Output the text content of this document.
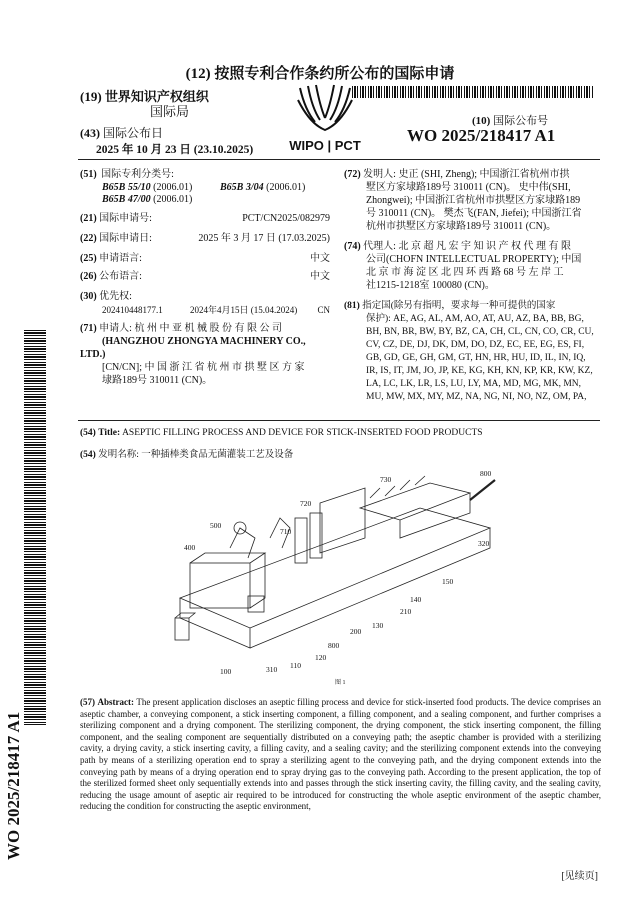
(12) 按照专利合作条约所公布的国际申请
(19) 世界知识产权组织
国际局
(43) 国际公布日
2025 年 10 月 23 日 (23.10.2025)	WIPO | PCT
(10) 国际公布号
WO 2025/218417 A1
(51) 国际专利分类号:
B65B 55/10 (2006.01)	B65B 3/04 (2006.01)
B65B 47/00 (2006.01)
(21) 国际申请号:	PCT/CN2025/082979
(22) 国际申请日:	2025 年 3 月 17 日 (17.03.2025)
(25) 申请语言:	中文
(26) 公布语言:	中文
(30) 优先权:
202410448177.1	2024年4月15日 (15.04.2024) CN
(71) 申请人: 杭 州 中 亚 机 械 股 份 有 限 公 司
(HANGZHOU ZHONGYA MACHINERY CO., LTD.)
[CN/CN]; 中 国 浙 江 省 杭 州 市 拱 墅 区 方 家
埭路189号 310011 (CN)。
(72) 发明人: 史正 (SHI, Zheng); 中国浙江省杭州市拱
墅区方家埭路189号 310011 (CN)。 史中伟(SHI,
Zhongwei); 中国浙江省杭州市拱墅区方家埭路189
号 310011 (CN)。 樊杰飞(FAN, Jiefei); 中国浙江省
杭州市拱墅区方家埭路189号 310011 (CN)。
(74) 代理人: 北 京 超 凡 宏 宇 知 识 产 权 代 理 有 限
公司(CHOFN INTELLECTUAL PROPERTY); 中国
北 京 市 海 淀 区 北 四 环 西 路 68 号 左 岸 工
社1215-1218室 100080 (CN)。
(81) 指定国(除另有指明，要求每一种可提供的国家
保护): AE, AG, AL, AM, AO, AT, AU, AZ, BA, BB, BG,
BH, BN, BR, BW, BY, BZ, CA, CH, CL, CN, CO, CR, CU,
CV, CZ, DE, DJ, DK, DM, DO, DZ, EC, EE, EG, ES, FI,
GB, GD, GE, GH, GM, GT, HN, HR, HU, ID, IL, IN, IQ,
IR, IS, IT, JM, JO, JP, KE, KG, KH, KN, KP, KR, KW, KZ,
LA, LC, LK, LR, LS, LU, LY, MA, MD, MG, MK, MN,
MU, MW, MX, MY, MZ, NA, NG, NI, NO, NZ, OM, PA,
(54) Title: ASEPTIC FILLING PROCESS AND DEVICE FOR STICK-INSERTED FOOD PRODUCTS
(54) 发明名称: 一种插棒类食品无菌灌装工艺及设备
WO 2025/218417 A1
800
730
720
710
500
400	320
150
140
210
130
200
800
120
110
310
100
图 1
(57) Abstract: The present application discloses an aseptic filling process and device for stick-inserted food products. The device comprises an aseptic chamber, a conveying component, a stick inserting component, a filling component, and a sealing component, and further comprises a sterilizing component and a drying component. The sterilizing component, the drying component, the stick inserting component, the filling component, and the sealing component are sequentially distributed on a conveying path; the aseptic chamber is provided with a sterilizing cavity, a drying cavity, a stick inserting cavity, a filling cavity, and a sealing cavity; and the sterilizing component extends into the conveying path by means of a sterilizing operation end to spray a sterilizing agent to the conveying path, and the drying component extends into the conveying path by means of a drying operation end to spray drying gas to the conveying path. According to the present application, the top of the sterilized formed sheet only sequentially extends into and passes through the stick inserting cavity, the filling cavity, and the sealing cavity, reducing the usage amount of aseptic air required to be introduced for constructing the whole aseptic environment of the aseptic chamber, reducing the condition for constructing the aseptic environment,
[见续页]
